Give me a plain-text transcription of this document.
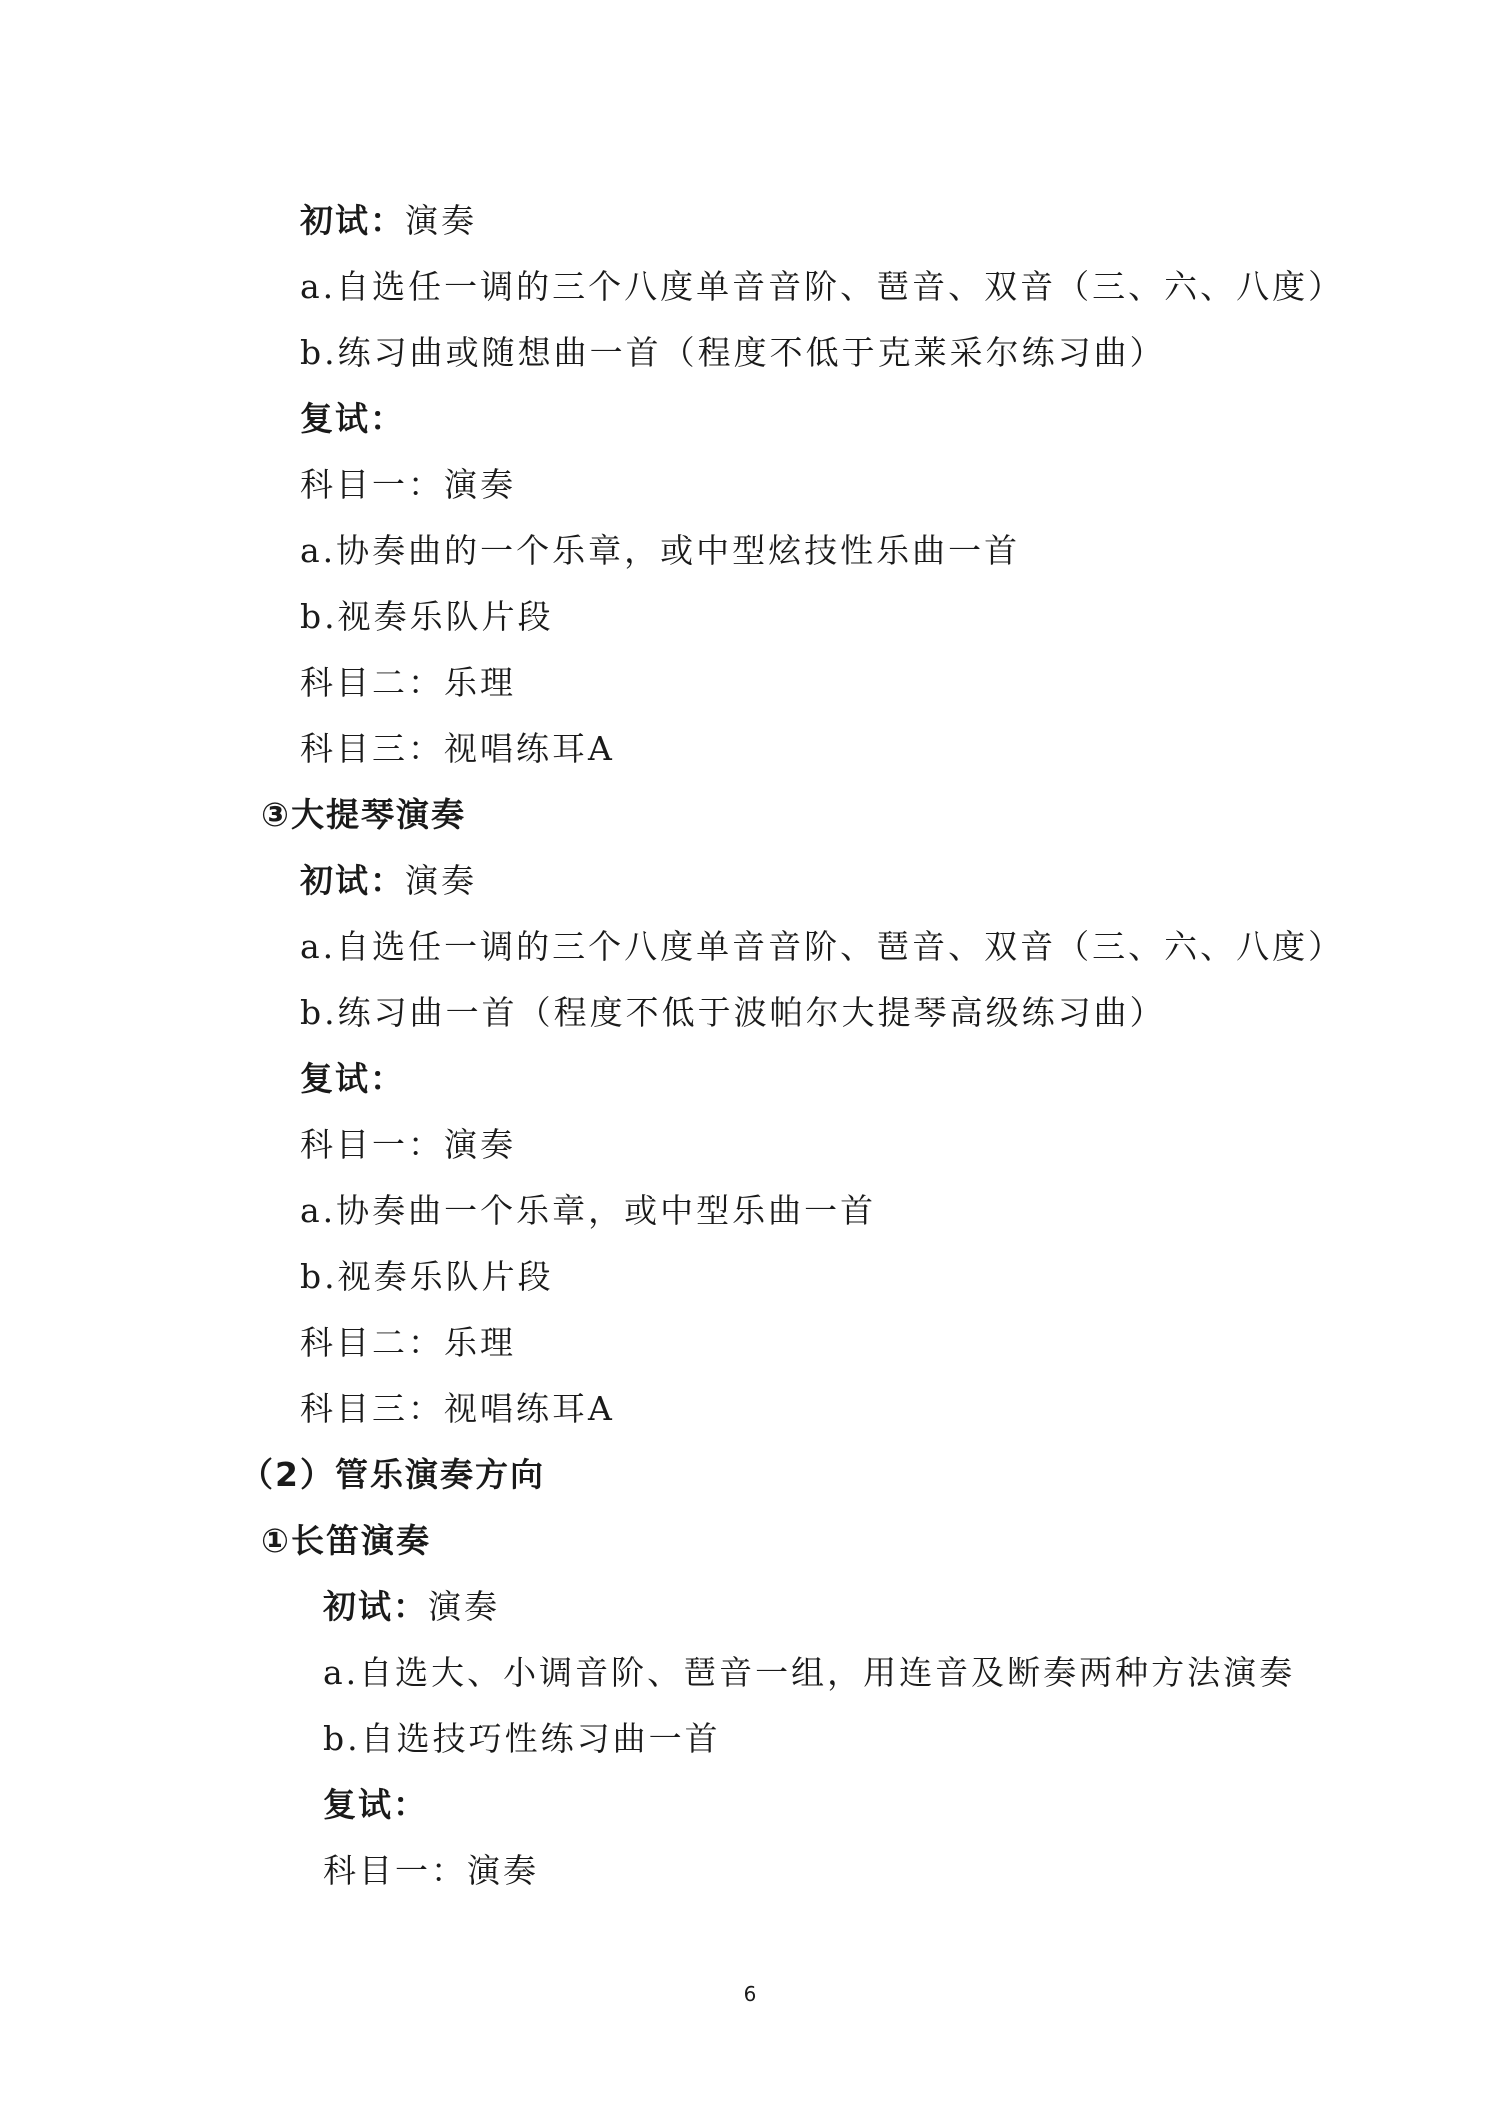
初试：演奏
a.自选任一调的三个八度单音音阶、琶音、双音（三、六、八度）
b.练习曲或随想曲一首（程度不低于克莱采尔练习曲）
复试：
科目一：演奏
a.协奏曲的一个乐章，或中型炫技性乐曲一首
b.视奏乐队片段
科目二：乐理
科目三：视唱练耳A
③大提琴演奏
初试：演奏
a.自选任一调的三个八度单音音阶、琶音、双音（三、六、八度）
b.练习曲一首（程度不低于波帕尔大提琴高级练习曲）
复试：
科目一：演奏
a.协奏曲一个乐章，或中型乐曲一首
b.视奏乐队片段
科目二：乐理
科目三：视唱练耳A
（2）管乐演奏方向
①长笛演奏
初试：演奏
a.自选大、小调音阶、琶音一组，用连音及断奏两种方法演奏
b.自选技巧性练习曲一首
复试：
科目一：演奏
6
